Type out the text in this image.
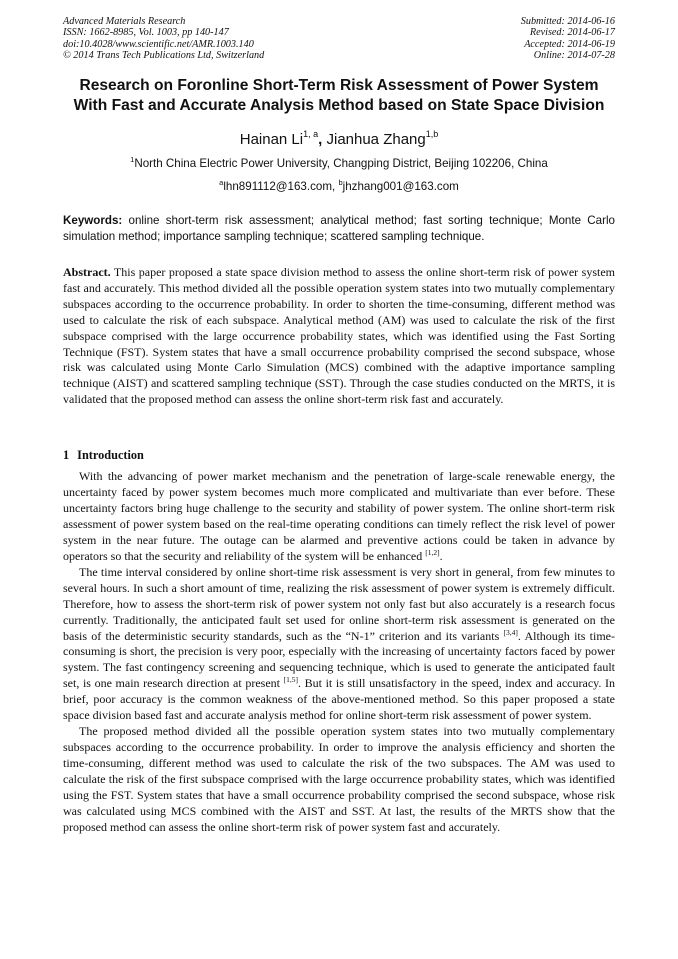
Advanced Materials Research
ISSN: 1662-8985, Vol. 1003, pp 140-147
doi:10.4028/www.scientific.net/AMR.1003.140
© 2014 Trans Tech Publications Ltd, Switzerland
Submitted: 2014-06-16
Revised: 2014-06-17
Accepted: 2014-06-19
Online: 2014-07-28
Research on Foronline Short-Term Risk Assessment of Power System
With Fast and Accurate Analysis Method based on State Space Division
Hainan Li$^{1, a}$, Jianhua Zhang$^{1,b}$
$^1$North China Electric Power University, Changping District, Beijing 102206, China
$^a$lhn891112@163.com, $^b$jhzhang001@163.com
Keywords: online short-term risk assessment; analytical method; fast sorting technique; Monte Carlo simulation method; importance sampling technique; scattered sampling technique.
Abstract. This paper proposed a state space division method to assess the online short-term risk of power system fast and accurately. This method divided all the possible operation system states into two mutually complementary subspaces according to the occurrence probability. In order to shorten the time-consuming, different method was used to calculate the risk of each subspace. Analytical method (AM) was used to calculate the risk of the first subspace comprised with the large occurrence probability states, which was identified using the Fast Sorting Technique (FST). System states that have a small occurrence probability comprised the second subspace, whose risk was calculated using Monte Carlo Simulation (MCS) combined with the adaptive importance sampling technique (AIST) and scattered sampling technique (SST). Through the case studies conducted on the MRTS, it is validated that the proposed method can assess the online short-term risk fast and accurately.
1 Introduction

With the advancing of power market mechanism and the penetration of large-scale renewable energy, the uncertainty faced by power system becomes much more complicated and multivariate than ever before. These uncertainty factors bring huge challenge to the security and stability of power system. The online short-term risk assessment of power system based on the real-time operating conditions can timely reflect the risk level of power system in the near future. The outage can be alarmed and preventive actions could be taken in advance by operators so that the security and reliability of the system will be enhanced [1,2].

The time interval considered by online short-time risk assessment is very short in general, from few minutes to several hours. In such a short amount of time, realizing the risk assessment of power system is extremely difficult. Therefore, how to assess the short-term risk of power system not only fast but also accurately is a research focus currently. Traditionally, the anticipated fault set used for online short-term risk assessment is generated on the basis of the deterministic security standards, such as the “N-1” criterion and its variants [3,4]. Although its time-consuming is short, the precision is very poor, especially with the increasing of uncertainty factors faced by power system. The fast contingency screening and sequencing technique, which is used to generate the anticipated fault set, is one main research direction at present [1,5]. But it is still unsatisfactory in the speed, index and accuracy. In brief, poor accuracy is the common weakness of the above-mentioned method. So this paper proposed a state space division based fast and accurate analysis method for online short-term risk assessment of power system.

The proposed method divided all the possible operation system states into two mutually complementary subspaces according to the occurrence probability. In order to improve the analysis efficiency and shorten the time-consuming, different method was used to calculate the risk of the two subspaces. The AM was used to calculate the risk of the first subspace comprised with the large occurrence probability states, which was identified using the FST. System states that have a small occurrence probability comprised the second subspace, whose risk was calculated using MCS combined with the AIST and SST. At last, the results of the MRTS show that the proposed method can assess the online short-term risk of power system fast and accurately.
